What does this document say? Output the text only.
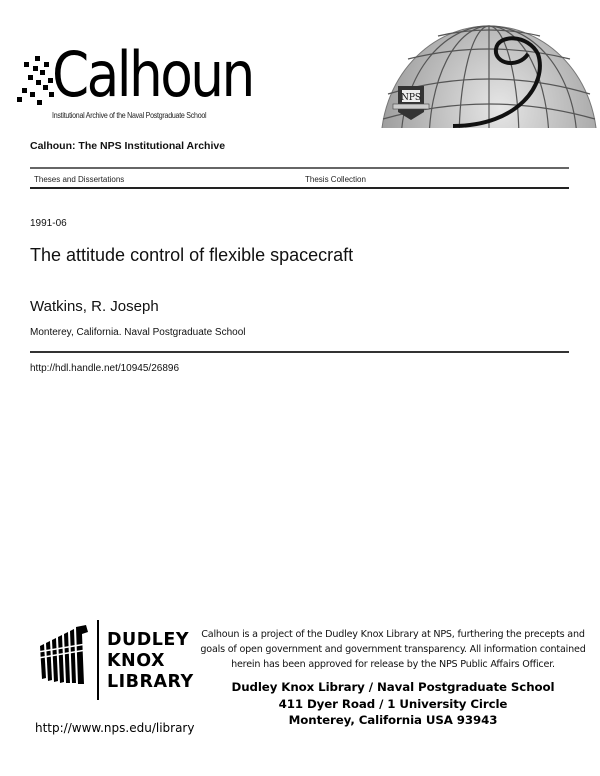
Calhoun
Institutional Archive of the Naval Postgraduate School
NPS
Calhoun: The NPS Institutional Archive
Theses and Dissertations	Thesis Collection
1991-06
The attitude control of flexible spacecraft
Watkins, R. Joseph
Monterey, California. Naval Postgraduate School
http://hdl.handle.net/10945/26896
DUDLEY
KNOX
LIBRARY
Calhoun is a project of the Dudley Knox Library at NPS, furthering the precepts and
goals of open government and government transparency. All information contained
herein has been approved for release by the NPS Public Affairs Officer.
Dudley Knox Library / Naval Postgraduate School
411 Dyer Road / 1 University Circle
Monterey, California USA 93943
http://www.nps.edu/library
